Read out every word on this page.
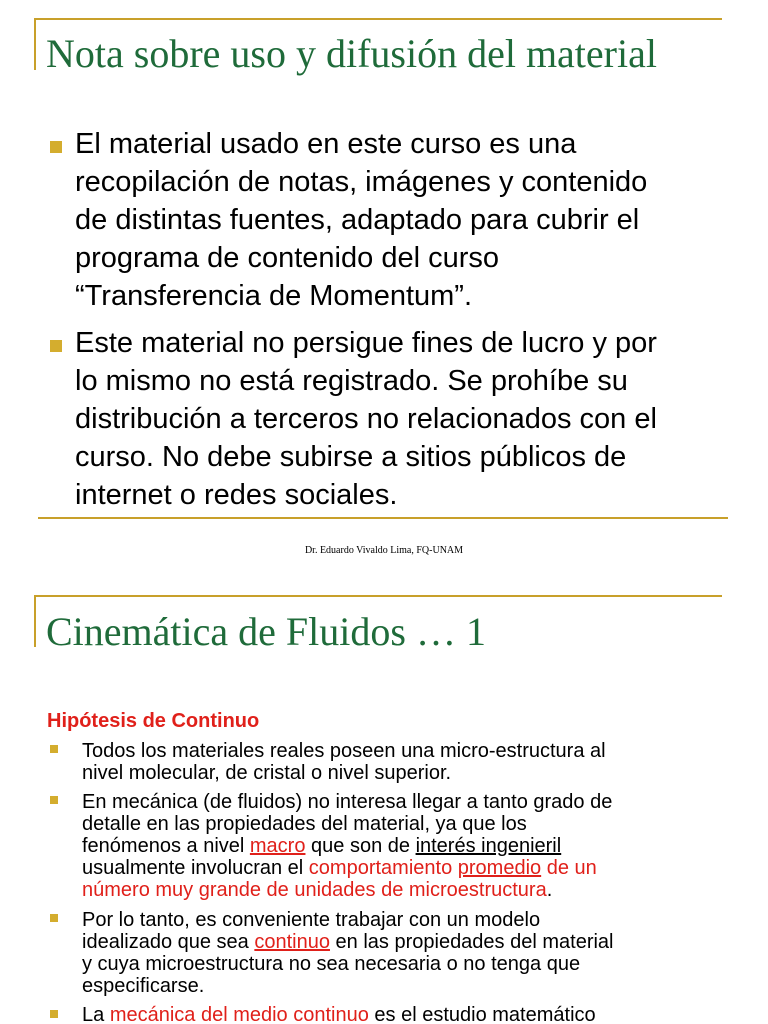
Nota sobre uso y difusión del material
El material usado en este curso es una
recopilación de notas, imágenes y contenido
de distintas fuentes, adaptado para cubrir el
programa de contenido del curso
“Transferencia de Momentum”.
Este material no persigue fines de lucro y por
lo mismo no está registrado. Se prohíbe su
distribución a terceros no relacionados con el
curso. No debe subirse a sitios públicos de
internet o redes sociales.
Dr. Eduardo Vivaldo Lima, FQ-UNAM
Cinemática de Fluidos … 1
Hipótesis de Continuo
Todos los materiales reales poseen una micro-estructura al
nivel molecular, de cristal o nivel superior.
En mecánica (de fluidos) no interesa llegar a tanto grado de
detalle en las propiedades del material, ya que los
fenómenos a nivel macro que son de interés ingenieril
usualmente involucran el comportamiento promedio de un
número muy grande de unidades de microestructura.
Por lo tanto, es conveniente trabajar con un modelo
idealizado que sea continuo en las propiedades del material
y cuya microestructura no sea necesaria o no tenga que
especificarse.
La mecánica del medio continuo es el estudio matemático
